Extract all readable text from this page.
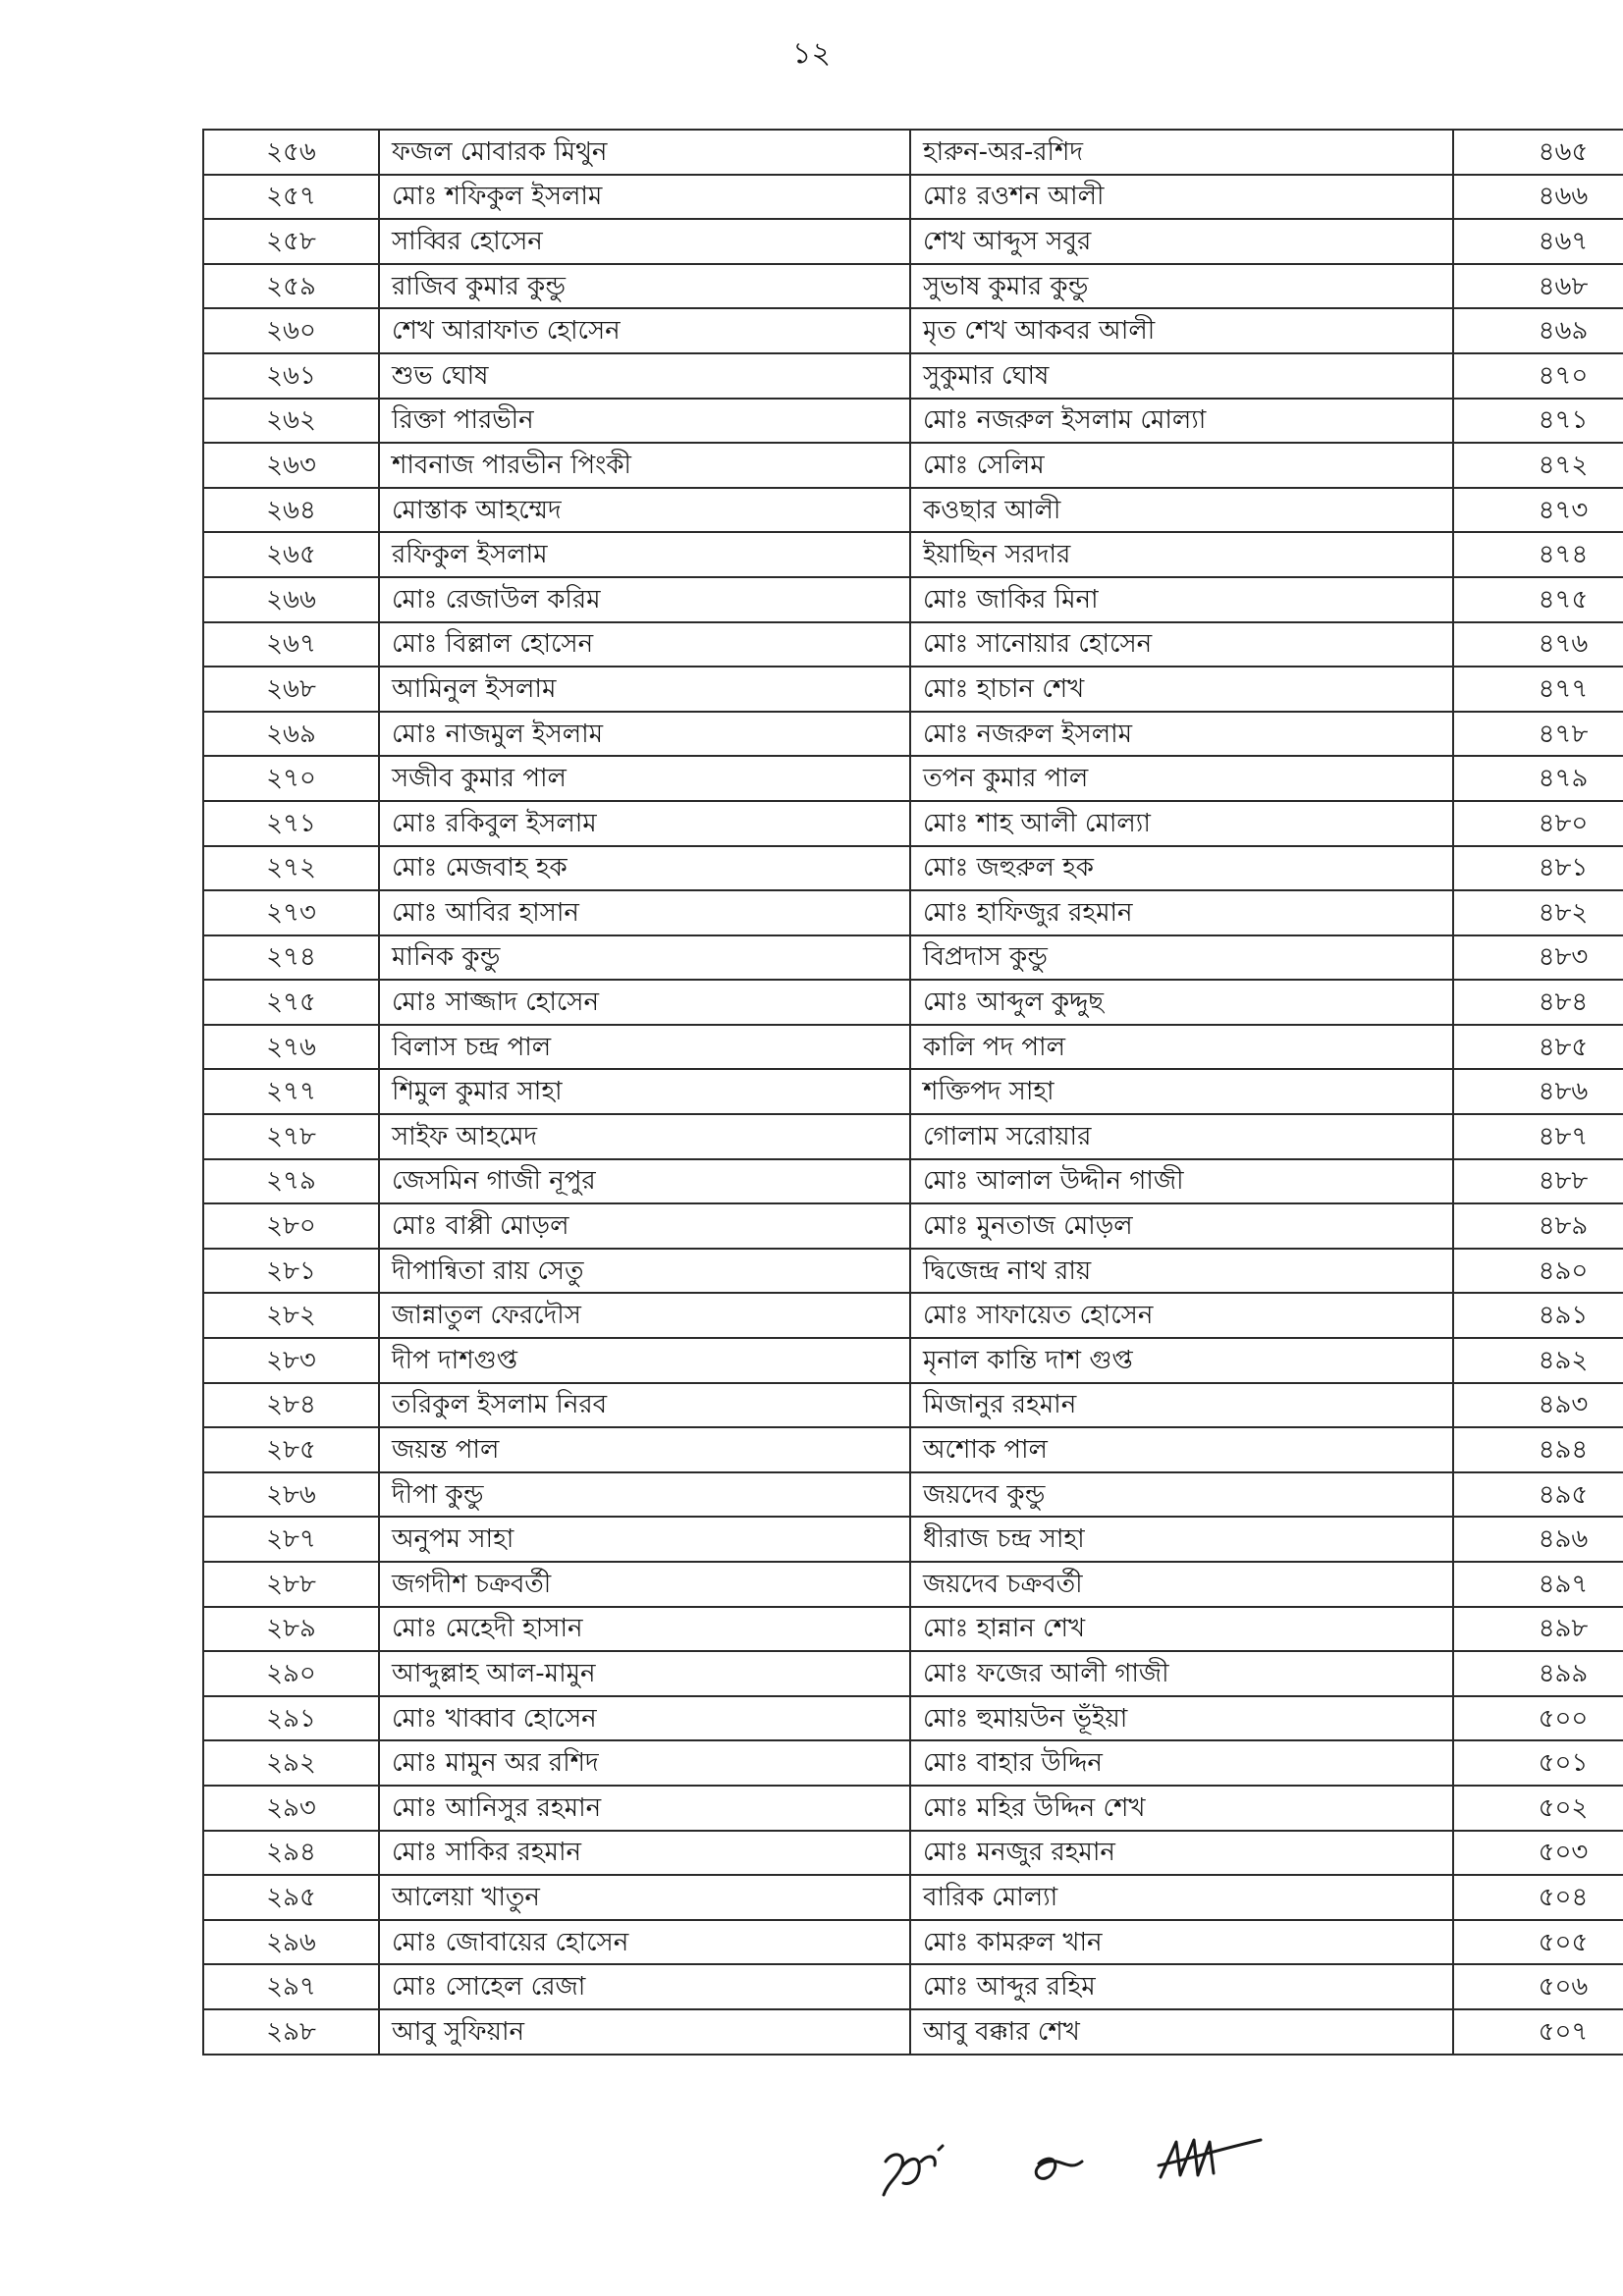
১২
২৫৬	ফজল মোবারক মিথুন	হারুন-অর-রশিদ	৪৬৫
২৫৭	মোঃ শফিকুল ইসলাম	মোঃ রওশন আলী	৪৬৬
২৫৮	সাব্বির হোসেন	শেখ আব্দুস সবুর	৪৬৭
২৫৯	রাজিব কুমার কুন্ডু	সুভাষ কুমার কুন্ডু	৪৬৮
২৬০	শেখ আরাফাত হোসেন	মৃত শেখ আকবর আলী	৪৬৯
২৬১	শুভ ঘোষ	সুকুমার ঘোষ	৪৭০
২৬২	রিক্তা পারভীন	মোঃ নজরুল ইসলাম মোল্যা	৪৭১
২৬৩	শাবনাজ পারভীন পিংকী	মোঃ সেলিম	৪৭২
২৬৪	মোস্তাক আহম্মেদ	কওছার আলী	৪৭৩
২৬৫	রফিকুল ইসলাম	ইয়াছিন সরদার	৪৭৪
২৬৬	মোঃ রেজাউল করিম	মোঃ জাকির মিনা	৪৭৫
২৬৭	মোঃ বিল্লাল হোসেন	মোঃ সানোয়ার হোসেন	৪৭৬
২৬৮	আমিনুল ইসলাম	মোঃ হাচান শেখ	৪৭৭
২৬৯	মোঃ নাজমুল ইসলাম	মোঃ নজরুল ইসলাম	৪৭৮
২৭০	সজীব কুমার পাল	তপন কুমার পাল	৪৭৯
২৭১	মোঃ রকিবুল ইসলাম	মোঃ শাহ আলী মোল্যা	৪৮০
২৭২	মোঃ মেজবাহ হক	মোঃ জহুরুল হক	৪৮১
২৭৩	মোঃ আবির হাসান	মোঃ হাফিজুর রহমান	৪৮২
২৭৪	মানিক কুন্ডু	বিপ্রদাস কুন্ডু	৪৮৩
২৭৫	মোঃ সাজ্জাদ হোসেন	মোঃ আব্দুল কুদ্দুছ	৪৮৪
২৭৬	বিলাস চন্দ্র পাল	কালি পদ পাল	৪৮৫
২৭৭	শিমুল কুমার সাহা	শক্তিপদ সাহা	৪৮৬
২৭৮	সাইফ আহমেদ	গোলাম সরোয়ার	৪৮৭
২৭৯	জেসমিন গাজী নূপুর	মোঃ আলাল উদ্দীন গাজী	৪৮৮
২৮০	মোঃ বাপ্পী মোড়ল	মোঃ মুনতাজ মোড়ল	৪৮৯
২৮১	দীপান্বিতা রায় সেতু	দ্বিজেন্দ্র নাথ রায়	৪৯০
২৮২	জান্নাতুল ফেরদৌস	মোঃ সাফায়েত হোসেন	৪৯১
২৮৩	দীপ দাশগুপ্ত	মৃনাল কান্তি দাশ গুপ্ত	৪৯২
২৮৪	তরিকুল ইসলাম নিরব	মিজানুর রহমান	৪৯৩
২৮৫	জয়ন্ত পাল	অশোক পাল	৪৯৪
২৮৬	দীপা কুন্ডু	জয়দেব কুন্ডু	৪৯৫
২৮৭	অনুপম সাহা	ধীরাজ চন্দ্র সাহা	৪৯৬
২৮৮	জগদীশ চক্রবর্তী	জয়দেব চক্রবর্তী	৪৯৭
২৮৯	মোঃ মেহেদী হাসান	মোঃ হান্নান শেখ	৪৯৮
২৯০	আব্দুল্লাহ আল-মামুন	মোঃ ফজের আলী গাজী	৪৯৯
২৯১	মোঃ খাব্বাব হোসেন	মোঃ হুমায়উন ভূঁইয়া	৫০০
২৯২	মোঃ মামুন অর রশিদ	মোঃ বাহার উদ্দিন	৫০১
২৯৩	মোঃ আনিসুর রহমান	মোঃ মহির উদ্দিন শেখ	৫০২
২৯৪	মোঃ সাকির রহমান	মোঃ মনজুর রহমান	৫০৩
২৯৫	আলেয়া খাতুন	বারিক মোল্যা	৫০৪
২৯৬	মোঃ জোবায়ের হোসেন	মোঃ কামরুল খান	৫০৫
২৯৭	মোঃ সোহেল রেজা	মোঃ আব্দুর রহিম	৫০৬
২৯৮	আবু সুফিয়ান	আবু বক্কার শেখ	৫০৭
